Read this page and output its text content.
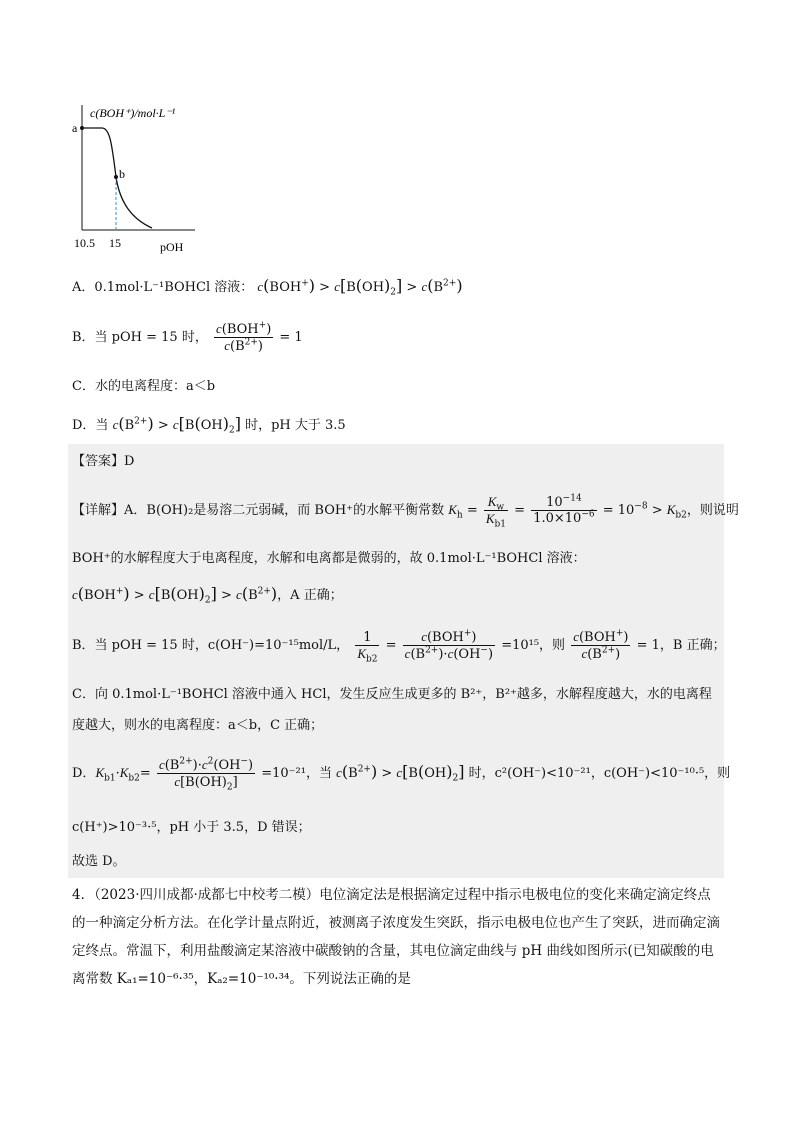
a
b
c(BOH⁺)/mol·L⁻¹
10.5 15	pOH
A．0.1mol·L⁻¹BOHCl 溶液： $c(BOH^+) > c[B(OH)_2] > c(B^{2+})$
B．当 pOH = 15 时， $\frac{c(BOH^+)}{c(B^{2+})} = 1$
C．水的电离程度：a＜b
D．当 $c(B^{2+}) > c[B(OH)_2]$ 时，pH 大于 3.5
【答案】D
【详解】A．B(OH)₂是易溶二元弱碱，而 BOH⁺的水解平衡常数 $K_h = \frac{K_w}{K_{b1}} = \frac{10^{-14}}{1.0\times 10^{-6}} = 10^{-8} > K_{b2}$，则说明
BOH⁺的水解程度大于电离程度，水解和电离都是微弱的，故 0.1mol·L⁻¹BOHCl 溶液：
$c(BOH^+) > c[B(OH)_2] > c(B^{2+})$，A 正确；
B．当 pOH = 15 时，c(OH⁻)=10⁻¹⁵mol/L， $\frac{1}{K_{b2}} = \frac{c(BOH^+)}{c(B^{2+})\cdot c(OH^-)} =10^{15}$，则 $\frac{c(BOH^+)}{c(B^{2+})} = 1$，B 正确；
C．向 0.1mol·L⁻¹BOHCl 溶液中通入 HCl，发生反应生成更多的 B²⁺，B²⁺越多，水解程度越大，水的电离程
度越大，则水的电离程度：a＜b，C 正确；
D．$K_{b1}\cdot K_{b2}= \frac{c(B^{2+})\cdot c^2(OH^-)}{c[B(OH)_2]} =10^{-21}$，当 $c(B^{2+}) > c[B(OH)_2]$ 时，c²(OH⁻)<10⁻²¹，c(OH⁻)<10⁻¹⁰·⁵，则
c(H⁺)>10⁻³·⁵，pH 小于 3.5，D 错误；
故选 D。
4．（2023·四川成都·成都七中校考二模）电位滴定法是根据滴定过程中指示电极电位的变化来确定滴定终点的一种滴定分析方法。在化学计量点附近，被测离子浓度发生突跃，指示电极电位也产生了突跃，进而确定滴定终点。常温下，利用盐酸滴定某溶液中碳酸钠的含量，其电位滴定曲线与 pH 曲线如图所示(已知碳酸的电离常数 Kₐ₁=10⁻⁶·³⁵，Kₐ₂=10⁻¹⁰·³⁴。下列说法正确的是
